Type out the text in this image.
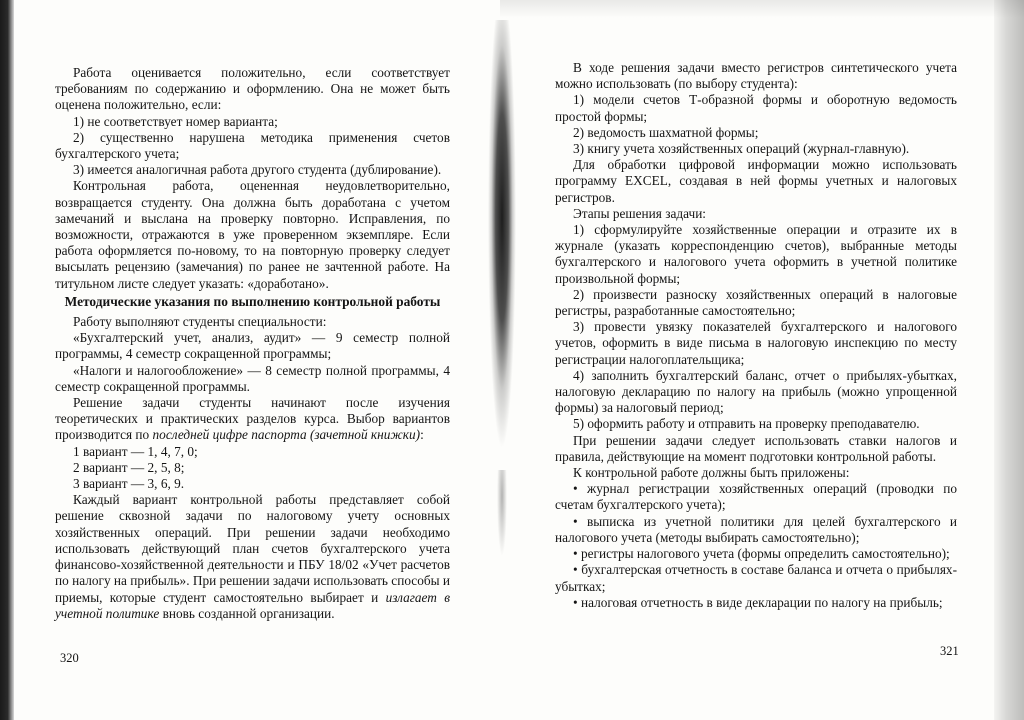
Работа оценивается положительно, если соответствует требованиям по содержанию и оформлению. Она не может быть оценена положительно, если:

1) не соответствует номер варианта;

2) существенно нарушена методика применения счетов бухгалтерского учета;

3) имеется аналогичная работа другого студента (дублирование).

Контрольная работа, оцененная неудовлетворительно, возвращается студенту. Она должна быть доработана с учетом замечаний и выслана на проверку повторно. Исправления, по возможности, отражаются в уже проверенном экземпляре. Если работа оформляется по-новому, то на повторную проверку следует высылать рецензию (замечания) по ранее не зачтенной работе. На титульном листе следует указать: «доработано».

Методические указания по выполнению контрольной работы

Работу выполняют студенты специальности:

«Бухгалтерский учет, анализ, аудит» — 9 семестр полной программы, 4 семестр сокращенной программы;

«Налоги и налогообложение» — 8 семестр полной программы, 4 семестр сокращенной программы.

Решение задачи студенты начинают после изучения теоретических и практических разделов курса. Выбор вариантов производится по последней цифре паспорта (зачетной книжки):

1 вариант — 1, 4, 7, 0;

2 вариант — 2, 5, 8;

3 вариант — 3, 6, 9.

Каждый вариант контрольной работы представляет собой решение сквозной задачи по налоговому учету основных хозяйственных операций. При решении задачи необходимо использовать действующий план счетов бухгалтерского учета финансово-хозяйственной деятельности и ПБУ 18/02 «Учет расчетов по налогу на прибыль». При решении задачи использовать способы и приемы, которые студент самостоятельно выбирает и излагает в учетной политике вновь созданной организации.

320

В ходе решения задачи вместо регистров синтетического учета можно использовать (по выбору студента):

1) модели счетов Т-образной формы и оборотную ведомость простой формы;

2) ведомость шахматной формы;

3) книгу учета хозяйственных операций (журнал-главную).

Для обработки цифровой информации можно использовать программу EXCEL, создавая в ней формы учетных и налоговых регистров.

Этапы решения задачи:

1) сформулируйте хозяйственные операции и отразите их в журнале (указать корреспонденцию счетов), выбранные методы бухгалтерского и налогового учета оформить в учетной политике произвольной формы;

2) произвести разноску хозяйственных операций в налоговые регистры, разработанные самостоятельно;

3) провести увязку показателей бухгалтерского и налогового учетов, оформить в виде письма в налоговую инспекцию по месту регистрации налогоплательщика;

4) заполнить бухгалтерский баланс, отчет о прибылях-убытках, налоговую декларацию по налогу на прибыль (можно упрощенной формы) за налоговый период;

5) оформить работу и отправить на проверку преподавателю.

При решении задачи следует использовать ставки налогов и правила, действующие на момент подготовки контрольной работы.

К контрольной работе должны быть приложены:

• журнал регистрации хозяйственных операций (проводки по счетам бухгалтерского учета);

• выписка из учетной политики для целей бухгалтерского и налогового учета (методы выбирать самостоятельно);

• регистры налогового учета (формы определить самостоятельно);

• бухгалтерская отчетность в составе баланса и отчета о прибылях-убытках;

• налоговая отчетность в виде декларации по налогу на прибыль;

321
